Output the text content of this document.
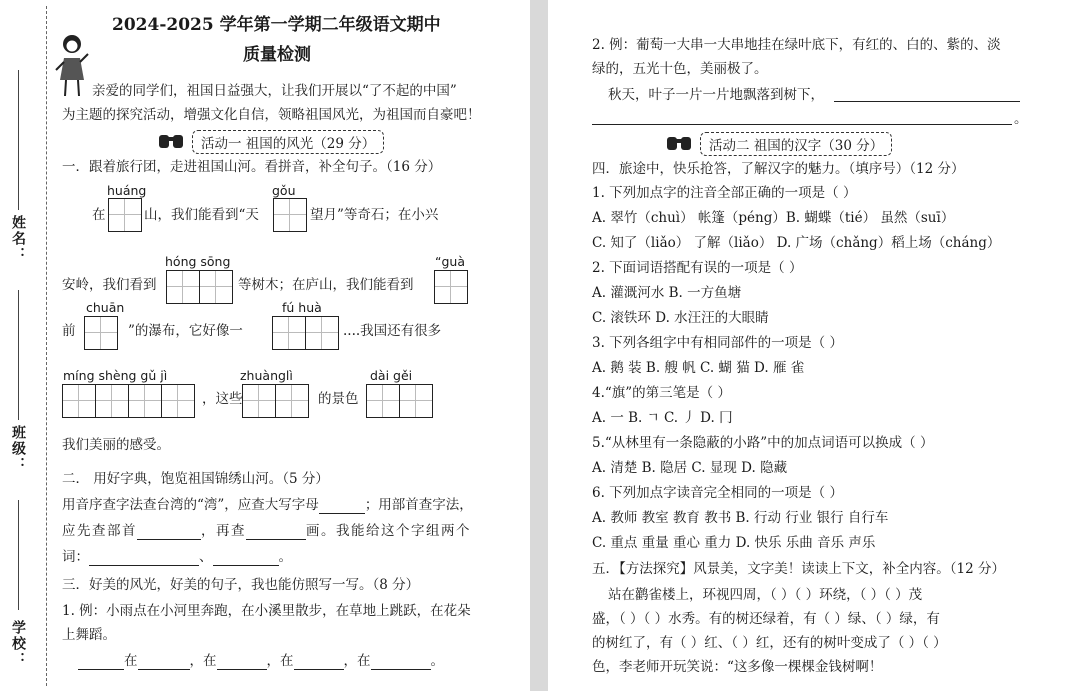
姓名：
班级：
学校：
2024-2025 学年第一学期二年级语文期中
质量检测
亲爱的同学们，祖国日益强大，让我们开展以“了不起的中国”
为主题的探究活动，增强文化自信，领略祖国风光，为祖国而自豪吧！
活动一 祖国的风光（29 分）
一．跟着旅行团，走进祖国山河。看拼音，补全句子。（16 分）
huáng	gǒu
在	山，我们能看到“天	望月”等奇石；在小兴
hóng sōng	“guà
安岭，我们看到	等树木；在庐山，我们能看到
chuān	fú huà
前	”的瀑布，它好像一	....我国还有很多
míng shèng gǔ jì	zhuànglì	dài gěi
，这些	的景色
我们美丽的感受。
二． 用好字典，饱览祖国锦绣山河。（5 分）
用音序查字法查台湾的“湾”，应查大写字母	；用部首查字法，
应先查部首	，再查	画。我能给这个字组两个
词：	、	。
三．好美的风光，好美的句子，我也能仿照写一写。（8 分）
1. 例：小雨点在小河里奔跑，在小溪里散步，在草地上跳跃，在花朵
上舞蹈。
在	，在	，在	，在	。
2. 例：葡萄一大串一大串地挂在绿叶底下，有红的、白的、紫的、淡
绿的，五光十色，美丽极了。
秋天，叶子一片一片地飘落到树下，
。
活动二 祖国的汉字（30 分）
四．旅途中，快乐抢答，了解汉字的魅力。（填序号）（12 分）
1. 下列加点字的注音全部正确的一项是（ ）
A. 翠竹（chuì） 帐篷（péng）B. 蝴蝶（tié） 虽然（suī）
C. 知了（liǎo） 了解（liǎo） D. 广场（chǎng）稻上场（cháng）
2. 下面词语搭配有误的一项是（ ）
A. 灌溉河水 B. 一方鱼塘
C. 滚铁环 D. 水汪汪的大眼睛
3. 下列各组字中有相同部件的一项是（ ）
A. 鹅 装 B. 艘 帆 C. 蝴 猫 D. 雁 雀
4.“旗”的第三笔是（ ）
A. 一 B. ㄱ C. 丿 D. 冂
5.“从林里有一条隐蔽的小路”中的加点词语可以换成（ ）
A. 清楚 B. 隐居 C. 显现 D. 隐藏
6. 下列加点字读音完全相同的一项是（ ）
A. 教师 教室 教育 教书 B. 行动 行业 银行 自行车
C. 重点 重量 重心 重力 D. 快乐 乐曲 音乐 声乐
五．【方法探究】风景美，文字美！读读上下文，补全内容。（12 分）
站在鹳雀楼上，环视四周，（ ）（ ）环绕，（ ）（ ）茂
盛，（ ）（ ）水秀。有的树还绿着，有（ ）绿、（ ）绿，有
的树红了，有（ ）红、（ ）红，还有的树叶变成了（ ）（ ）
色，李老师开玩笑说：“这多像一棵棵金钱树啊！
